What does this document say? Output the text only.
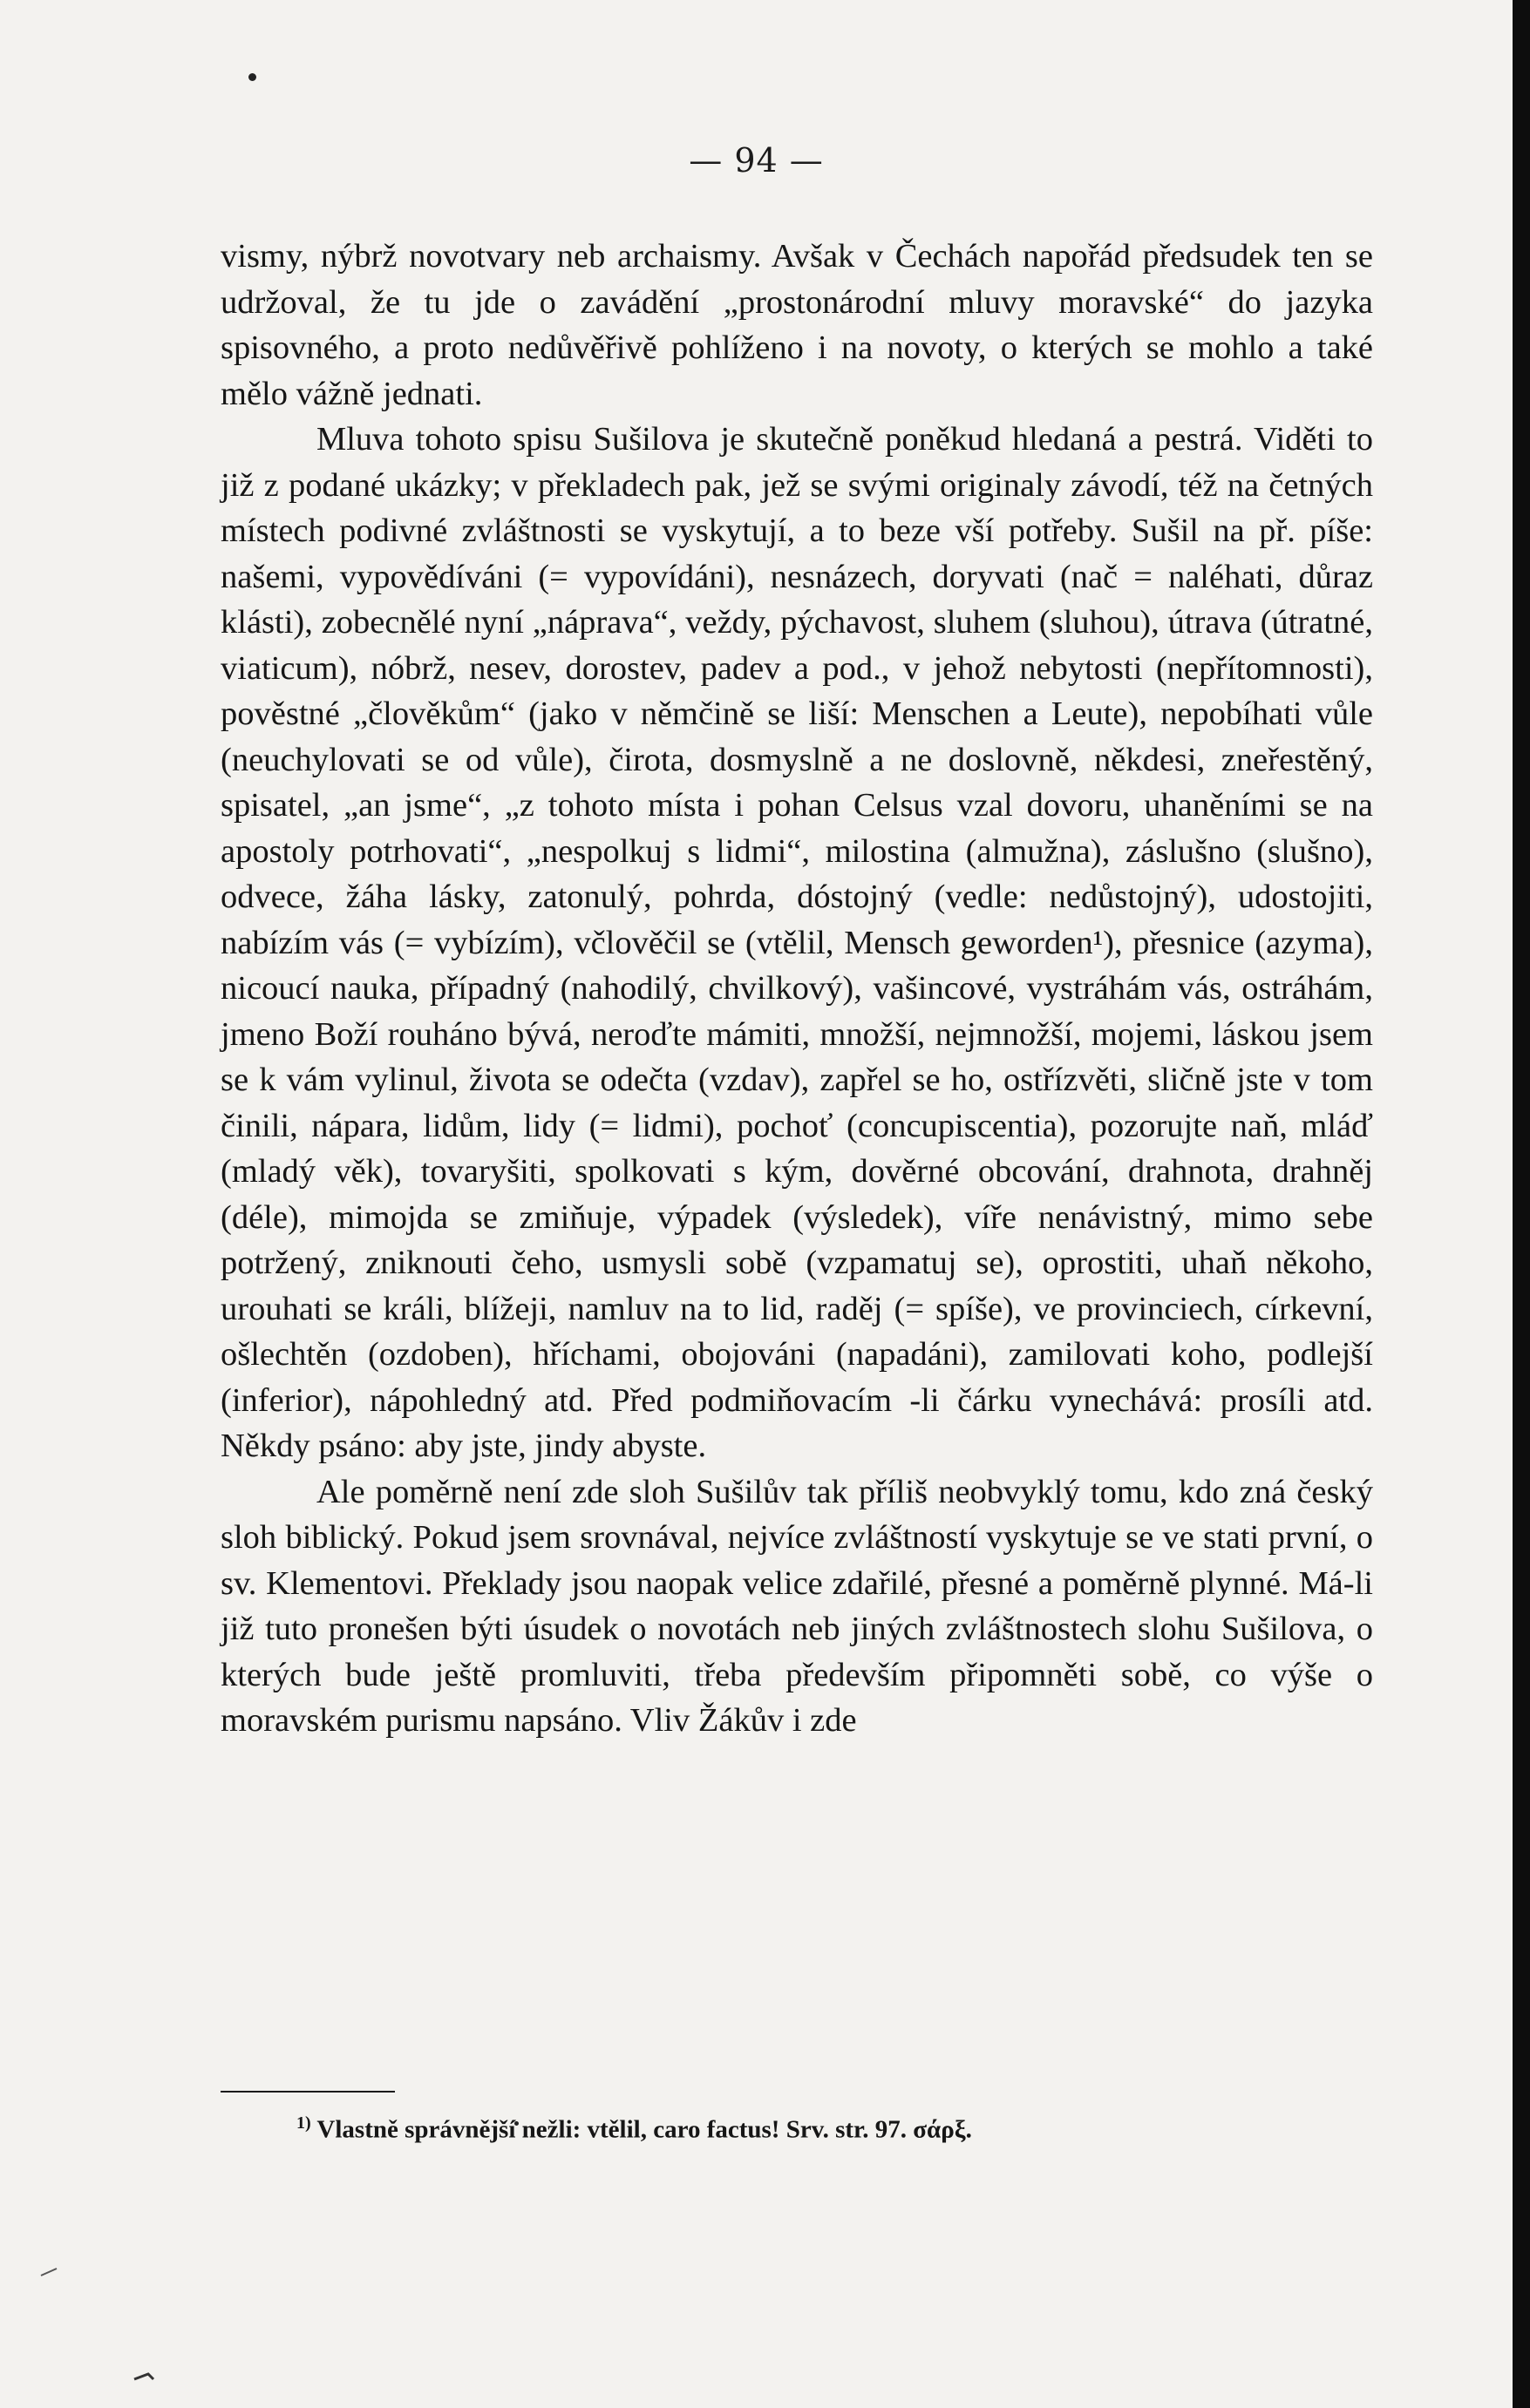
— 94 —

vismy, nýbrž novotvary neb archaismy. Avšak v Čechách napořád předsudek ten se udržoval, že tu jde o zavádění „prostonárodní mluvy moravské“ do jazyka spisovného, a proto nedůvěřivě pohlíženo i na novoty, o kterých se mohlo a také mělo vážně jednati.

Mluva tohoto spisu Sušilova je skutečně poněkud hledaná a pestrá. Viděti to již z podané ukázky; v překladech pak, jež se svými originaly závodí, též na četných místech podivné zvláštnosti se vyskytují, a to beze vší potřeby. Sušil na př. píše: našemi, vypovědíváni (= vypovídáni), nesnázech, doryvati (nač = naléhati, důraz klásti), zobecnělé nyní „náprava“, veždy, pýchavost, sluhem (sluhou), útrava (útratné, viaticum), nóbrž, nesev, dorostev, padev a pod., v jehož nebytosti (nepřítomnosti), pověstné „člověkům“ (jako v němčině se liší: Menschen a Leute), nepobíhati vůle (neuchylovati se od vůle), čirota, dosmyslně a ne doslovně, někdesi, zneřestěný, spisatel, „an jsme“, „z tohoto místa i pohan Celsus vzal dovoru, uhaněními se na apostoly potrhovati“, „nespolkuj s lidmi“, milostina (almužna), záslušno (slušno), odvece, žáha lásky, zatonulý, pohrda, dóstojný (vedle: nedůstojný), udostojiti, nabízím vás (= vybízím), včlověčil se (vtělil, Mensch geworden¹), přesnice (azyma), nicoucí nauka, případný (nahodilý, chvilkový), vašincové, vystráhám vás, ostráhám, jmeno Boží rouháno bývá, neroďte mámiti, množší, nejmnožší, mojemi, láskou jsem se k vám vylinul, života se odečta (vzdav), zapřel se ho, ostřízvěti, sličně jste v tom činili, nápara, lidům, lidy (= lidmi), pochoť (concupiscentia), pozorujte naň, mláď (mladý věk), tovaryšiti, spolkovati s kým, dověrné obcování, drahnota, drahněj (déle), mimojda se zmiňuje, výpadek (výsledek), víře nenávistný, mimo sebe potržený, zniknouti čeho, usmysli sobě (vzpamatuj se), oprostiti, uhaň někoho, urouhati se králi, blížeji, namluv na to lid, raděj (= spíše), ve provinciech, církevní, ošlechtěn (ozdoben), hříchami, obojováni (napadáni), zamilovati koho, podlejší (inferior), nápohledný atd. Před podmiňovacím -li čárku vynechává: prosíli atd. Někdy psáno: aby jste, jindy abyste.

Ale poměrně není zde sloh Sušilův tak příliš neobvyklý tomu, kdo zná český sloh biblický. Pokud jsem srovnával, nejvíce zvláštností vyskytuje se ve stati první, o sv. Klementovi. Překlady jsou naopak velice zdařilé, přesné a poměrně plynné. Má-li již tuto pronešen býti úsudek o novotách neb jiných zvláštnostech slohu Sušilova, o kterých bude ještě promluviti, třeba především připomněti sobě, co výše o moravském purismu napsáno. Vliv Žákův i zde

$^{1)}$ Vlastně správnější nežli: vtělil, caro factus! Srv. str. 97. σάρξ.
